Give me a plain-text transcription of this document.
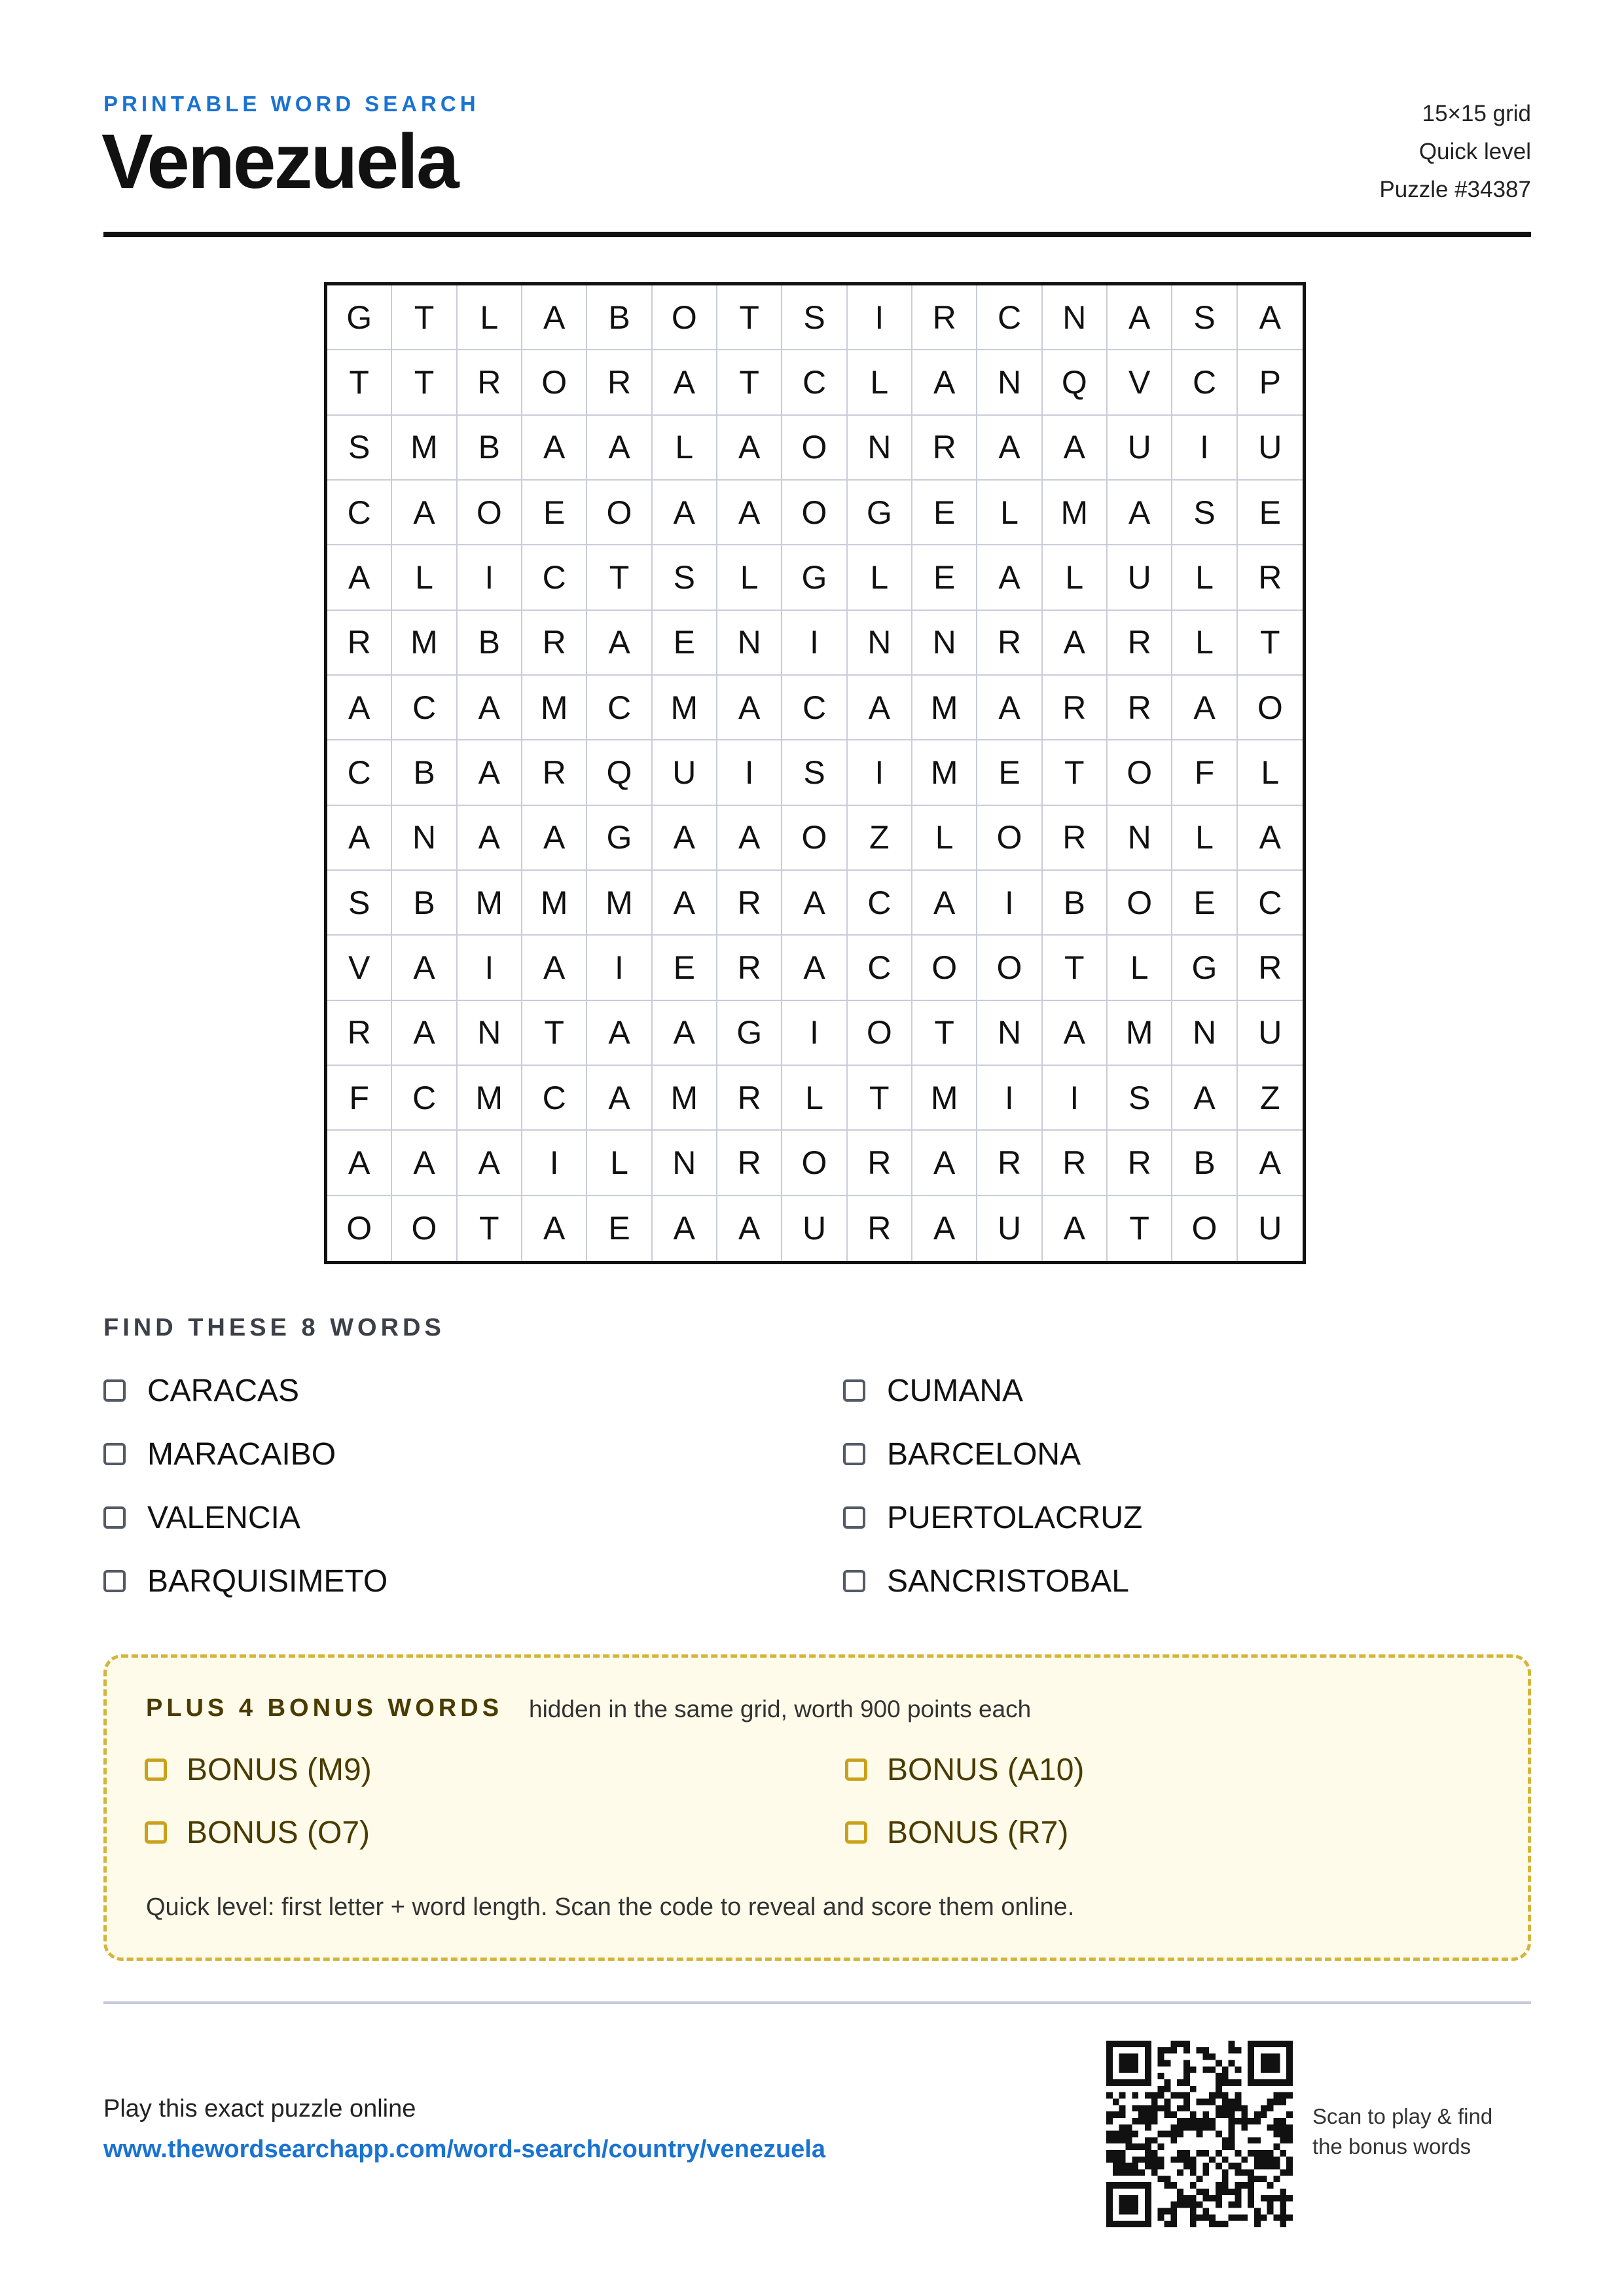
PRINTABLE WORD SEARCH
Venezuela
15×15 grid
Quick level
Puzzle #34387
G	T	L	A	B	O	T	S	I	R	C	N	A	S	A
T	T	R	O	R	A	T	C	L	A	N	Q	V	C	P
S	M	B	A	A	L	A	O	N	R	A	A	U	I	U
C	A	O	E	O	A	A	O	G	E	L	M	A	S	E
A	L	I	C	T	S	L	G	L	E	A	L	U	L	R
R	M	B	R	A	E	N	I	N	N	R	A	R	L	T
A	C	A	M	C	M	A	C	A	M	A	R	R	A	O
C	B	A	R	Q	U	I	S	I	M	E	T	O	F	L
A	N	A	A	G	A	A	O	Z	L	O	R	N	L	A
S	B	M	M	M	A	R	A	C	A	I	B	O	E	C
V	A	I	A	I	E	R	A	C	O	O	T	L	G	R
R	A	N	T	A	A	G	I	O	T	N	A	M	N	U
F	C	M	C	A	M	R	L	T	M	I	I	S	A	Z
A	A	A	I	L	N	R	O	R	A	R	R	R	B	A
O	O	T	A	E	A	A	U	R	A	U	A	T	O	U
FIND THESE 8 WORDS
CARACAS	CUMANA
MARACAIBO	BARCELONA
VALENCIA	PUERTOLACRUZ
BARQUISIMETO	SANCRISTOBAL
PLUS 4 BONUS WORDS hidden in the same grid, worth 900 points each
BONUS (M9)	BONUS (A10)
BONUS (O7)	BONUS (R7)
Quick level: first letter + word length. Scan the code to reveal and score them online.
Play this exact puzzle online
www.thewordsearchapp.com/word-search/country/venezuela
Scan to play & find
the bonus words
